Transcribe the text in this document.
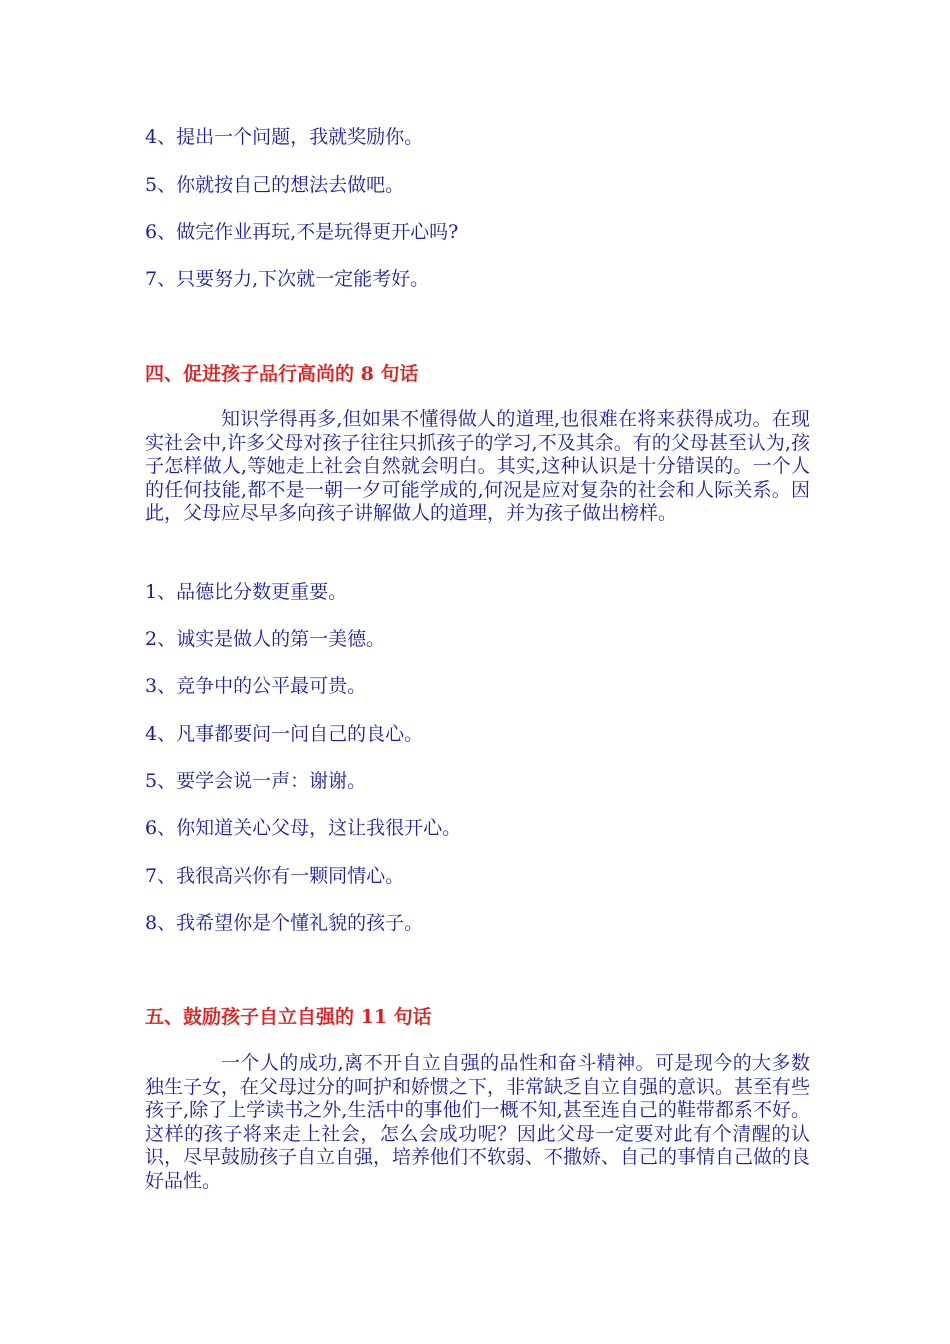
4、提出一个问题，我就奖励你。
5、你就按自己的想法去做吧。
6、做完作业再玩,不是玩得更开心吗?
7、只要努力,下次就一定能考好。
四、促进孩子品行高尚的 8 句话
知识学得再多,但如果不懂得做人的道理,也很难在将来获得成功。在现实社会中,许多父母对孩子往往只抓孩子的学习,不及其余。有的父母甚至认为,孩子怎样做人,等她走上社会自然就会明白。其实,这种认识是十分错误的。一个人的任何技能,都不是一朝一夕可能学成的,何况是应对复杂的社会和人际关系。因此，父母应尽早多向孩子讲解做人的道理，并为孩子做出榜样。
1、品德比分数更重要。
2、诚实是做人的第一美德。
3、竞争中的公平最可贵。
4、凡事都要问一问自己的良心。
5、要学会说一声：谢谢。
6、你知道关心父母，这让我很开心。
7、我很高兴你有一颗同情心。
8、我希望你是个懂礼貌的孩子。
五、鼓励孩子自立自强的 11 句话
一个人的成功,离不开自立自强的品性和奋斗精神。可是现今的大多数独生子女，在父母过分的呵护和娇惯之下，非常缺乏自立自强的意识。甚至有些孩子,除了上学读书之外,生活中的事他们一概不知,甚至连自己的鞋带都系不好。这样的孩子将来走上社会，怎么会成功呢？因此父母一定要对此有个清醒的认识，尽早鼓励孩子自立自强，培养他们不软弱、不撒娇、自己的事情自己做的良好品性。
